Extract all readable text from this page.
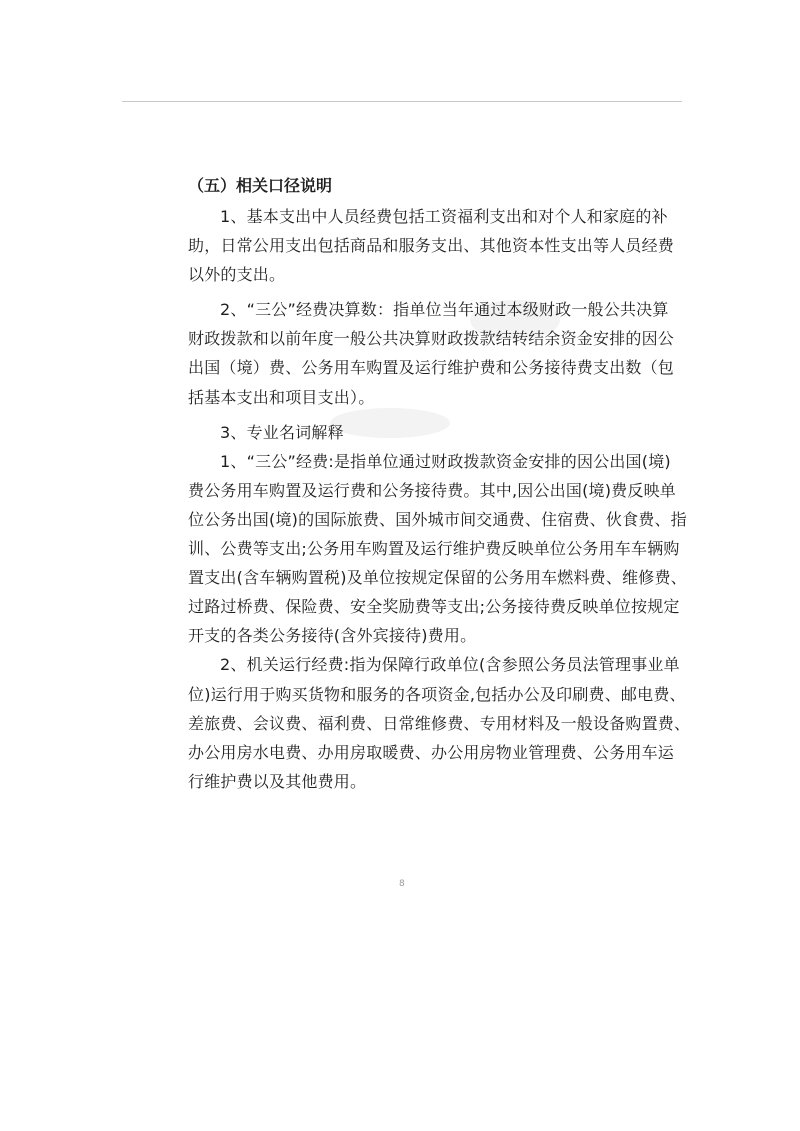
（五）相关口径说明
1、基本支出中人员经费包括工资福利支出和对个人和家庭的补
助，日常公用支出包括商品和服务支出、其他资本性支出等人员经费
以外的支出。
2、“三公”经费决算数：指单位当年通过本级财政一般公共决算
财政拨款和以前年度一般公共决算财政拨款结转结余资金安排的因公
出国（境）费、公务用车购置及运行维护费和公务接待费支出数（包
括基本支出和项目支出）。
3、专业名词解释
1、“三公”经费:是指单位通过财政拨款资金安排的因公出国(境)
费公务用车购置及运行费和公务接待费。其中,因公出国(境)费反映单
位公务出国(境)的国际旅费、国外城市间交通费、住宿费、伙食费、指
训、公费等支出;公务用车购置及运行维护费反映单位公务用车车辆购
置支出(含车辆购置税)及单位按规定保留的公务用车燃料费、维修费、
过路过桥费、保险费、安全奖励费等支出;公务接待费反映单位按规定
开支的各类公务接待(含外宾接待)费用。
2、机关运行经费:指为保障行政单位(含参照公务员法管理事业单
位)运行用于购买货物和服务的各项资金,包括办公及印刷费、邮电费、
差旅费、会议费、福利费、日常维修费、专用材料及一般设备购置费、
办公用房水电费、办用房取暖费、办公用房物业管理费、公务用车运
行维护费以及其他费用。
8
